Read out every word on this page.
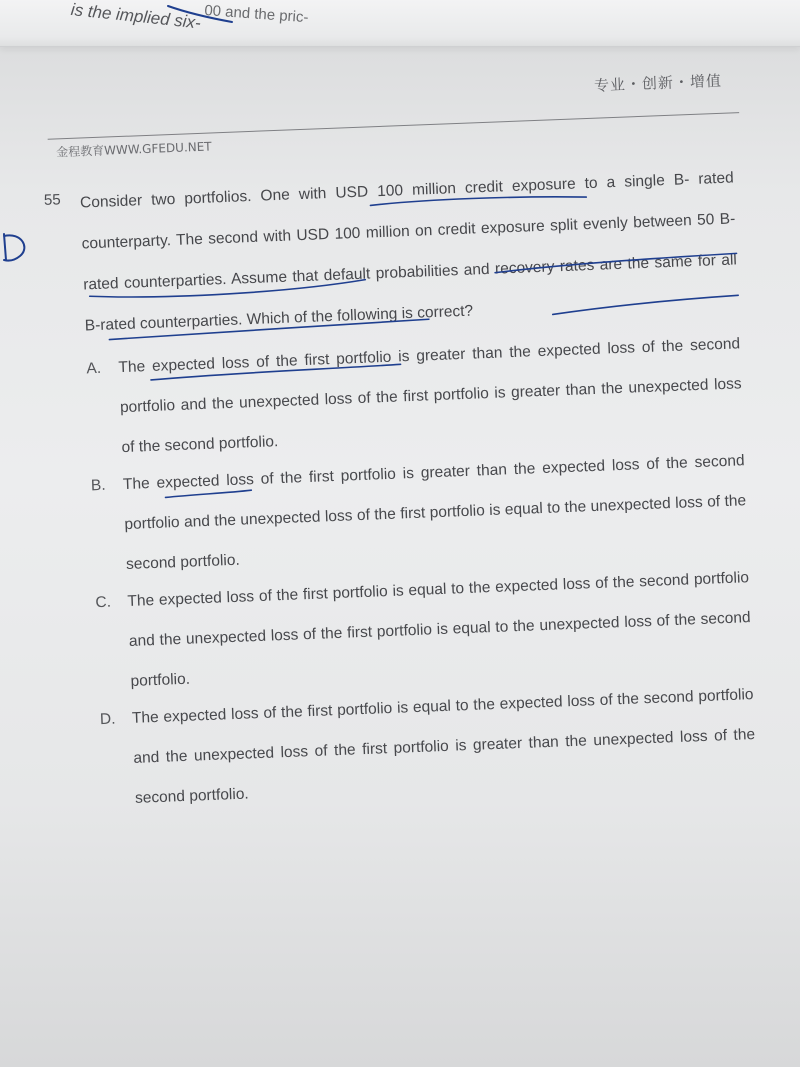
is the implied six- 00 and the pric-
专业・创新・增值
金程教育WWW.GFEDU.NET
55 Consider two portfolios. One with USD 100 million credit exposure to a single B- rated counterparty. The second with USD 100 million on credit exposure split evenly between 50 B- rated counterparties. Assume that default probabilities and recovery rates are the same for all B-rated counterparties. Which of the following is correct?
A.	The expected loss of the first portfolio is greater than the expected loss of the second portfolio and the unexpected loss of the first portfolio is greater than the unexpected loss of the second portfolio.
B.	The expected loss of the first portfolio is greater than the expected loss of the second portfolio and the unexpected loss of the first portfolio is equal to the unexpected loss of the second portfolio.
C.	The expected loss of the first portfolio is equal to the expected loss of the second portfolio and the unexpected loss of the first portfolio is equal to the unexpected loss of the second portfolio.
D.	The expected loss of the first portfolio is equal to the expected loss of the second portfolio and the unexpected loss of the first portfolio is greater than the unexpected loss of the second portfolio.
